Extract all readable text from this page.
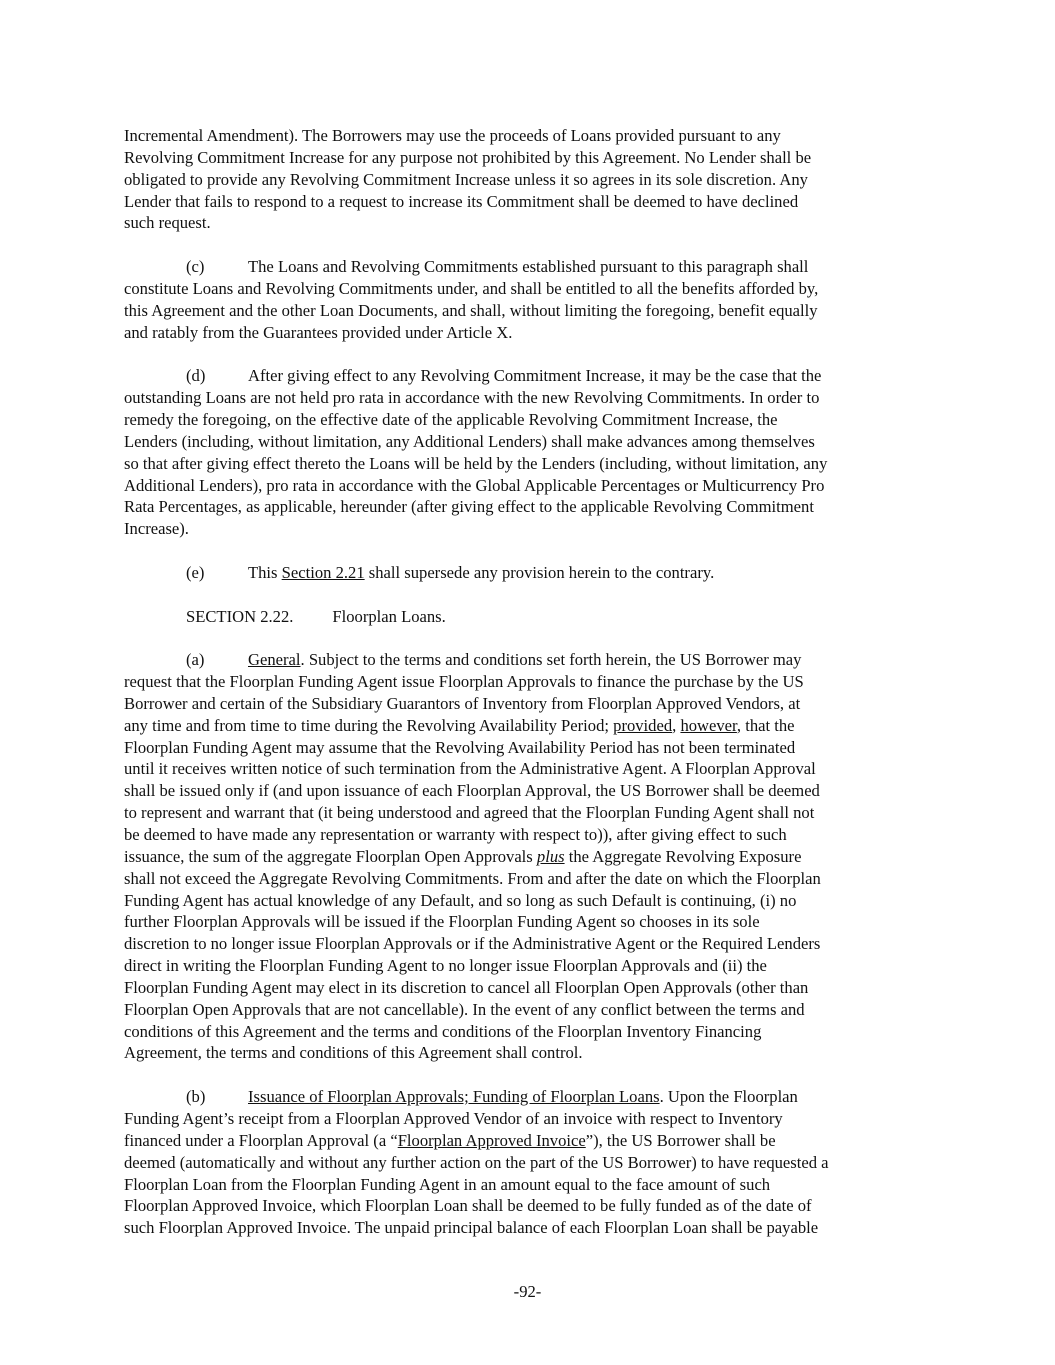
Incremental Amendment). The Borrowers may use the proceeds of Loans provided pursuant to any
Revolving Commitment Increase for any purpose not prohibited by this Agreement. No Lender shall be
obligated to provide any Revolving Commitment Increase unless it so agrees in its sole discretion. Any
Lender that fails to respond to a request to increase its Commitment shall be deemed to have declined
such request.

(c)	The Loans and Revolving Commitments established pursuant to this paragraph shall
constitute Loans and Revolving Commitments under, and shall be entitled to all the benefits afforded by,
this Agreement and the other Loan Documents, and shall, without limiting the foregoing, benefit equally
and ratably from the Guarantees provided under Article X.

(d)	After giving effect to any Revolving Commitment Increase, it may be the case that the
outstanding Loans are not held pro rata in accordance with the new Revolving Commitments. In order to
remedy the foregoing, on the effective date of the applicable Revolving Commitment Increase, the
Lenders (including, without limitation, any Additional Lenders) shall make advances among themselves
so that after giving effect thereto the Loans will be held by the Lenders (including, without limitation, any
Additional Lenders), pro rata in accordance with the Global Applicable Percentages or Multicurrency Pro
Rata Percentages, as applicable, hereunder (after giving effect to the applicable Revolving Commitment
Increase).

(e)	This Section 2.21 shall supersede any provision herein to the contrary.

SECTION 2.22. Floorplan Loans.

(a)	General. Subject to the terms and conditions set forth herein, the US Borrower may
request that the Floorplan Funding Agent issue Floorplan Approvals to finance the purchase by the US
Borrower and certain of the Subsidiary Guarantors of Inventory from Floorplan Approved Vendors, at
any time and from time to time during the Revolving Availability Period; provided, however, that the
Floorplan Funding Agent may assume that the Revolving Availability Period has not been terminated
until it receives written notice of such termination from the Administrative Agent. A Floorplan Approval
shall be issued only if (and upon issuance of each Floorplan Approval, the US Borrower shall be deemed
to represent and warrant that (it being understood and agreed that the Floorplan Funding Agent shall not
be deemed to have made any representation or warranty with respect to)), after giving effect to such
issuance, the sum of the aggregate Floorplan Open Approvals plus the Aggregate Revolving Exposure
shall not exceed the Aggregate Revolving Commitments. From and after the date on which the Floorplan
Funding Agent has actual knowledge of any Default, and so long as such Default is continuing, (i) no
further Floorplan Approvals will be issued if the Floorplan Funding Agent so chooses in its sole
discretion to no longer issue Floorplan Approvals or if the Administrative Agent or the Required Lenders
direct in writing the Floorplan Funding Agent to no longer issue Floorplan Approvals and (ii) the
Floorplan Funding Agent may elect in its discretion to cancel all Floorplan Open Approvals (other than
Floorplan Open Approvals that are not cancellable). In the event of any conflict between the terms and
conditions of this Agreement and the terms and conditions of the Floorplan Inventory Financing
Agreement, the terms and conditions of this Agreement shall control.

(b)	Issuance of Floorplan Approvals; Funding of Floorplan Loans. Upon the Floorplan
Funding Agent’s receipt from a Floorplan Approved Vendor of an invoice with respect to Inventory
financed under a Floorplan Approval (a “Floorplan Approved Invoice”), the US Borrower shall be
deemed (automatically and without any further action on the part of the US Borrower) to have requested a
Floorplan Loan from the Floorplan Funding Agent in an amount equal to the face amount of such
Floorplan Approved Invoice, which Floorplan Loan shall be deemed to be fully funded as of the date of
such Floorplan Approved Invoice. The unpaid principal balance of each Floorplan Loan shall be payable

-92-
